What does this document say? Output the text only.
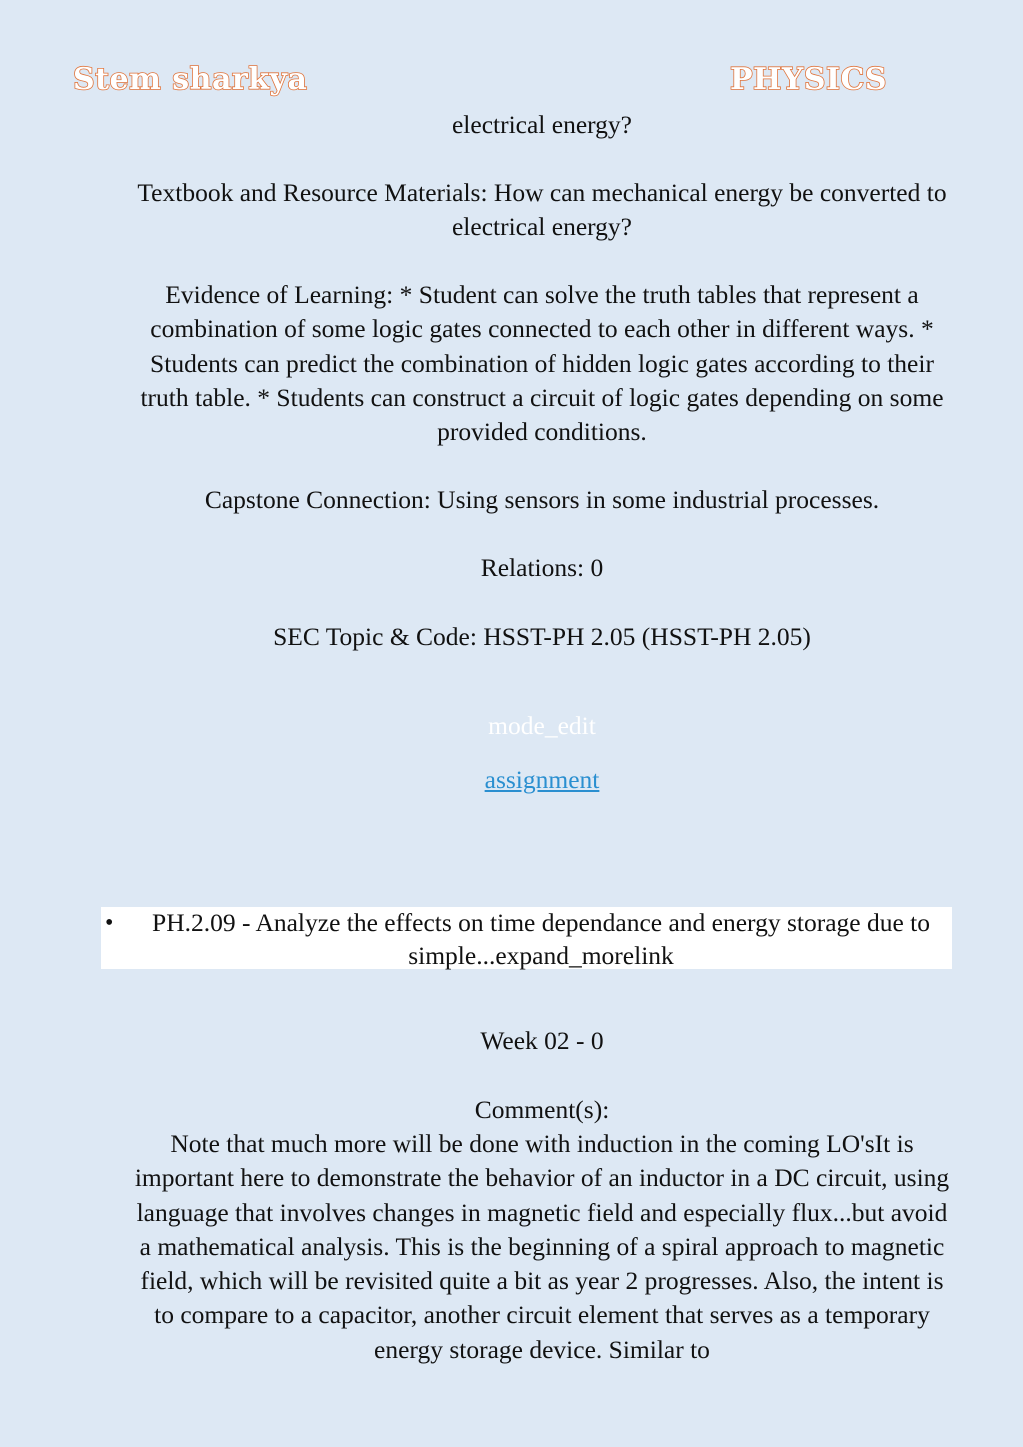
Stem sharkya	PHYSICS

electrical energy?

Textbook and Resource Materials: How can mechanical energy be converted to electrical energy?

Evidence of Learning: * Student can solve the truth tables that represent a combination of some logic gates connected to each other in different ways. * Students can predict the combination of hidden logic gates according to their truth table. * Students can construct a circuit of logic gates depending on some provided conditions.

Capstone Connection: Using sensors in some industrial processes.

Relations: 0

SEC Topic & Code: HSST-PH 2.05 (HSST-PH 2.05)

mode_edit
assignment
•	PH.2.09 - Analyze the effects on time dependance and energy storage due to simple...expand_morelink

Week 02 - 0

Comment(s):

Note that much more will be done with induction in the coming LO'sIt is important here to demonstrate the behavior of an inductor in a DC circuit, using language that involves changes in magnetic field and especially flux...but avoid a mathematical analysis. This is the beginning of a spiral approach to magnetic field, which will be revisited quite a bit as year 2 progresses. Also, the intent is to compare to a capacitor, another circuit element that serves as a temporary energy storage device. Similar to
